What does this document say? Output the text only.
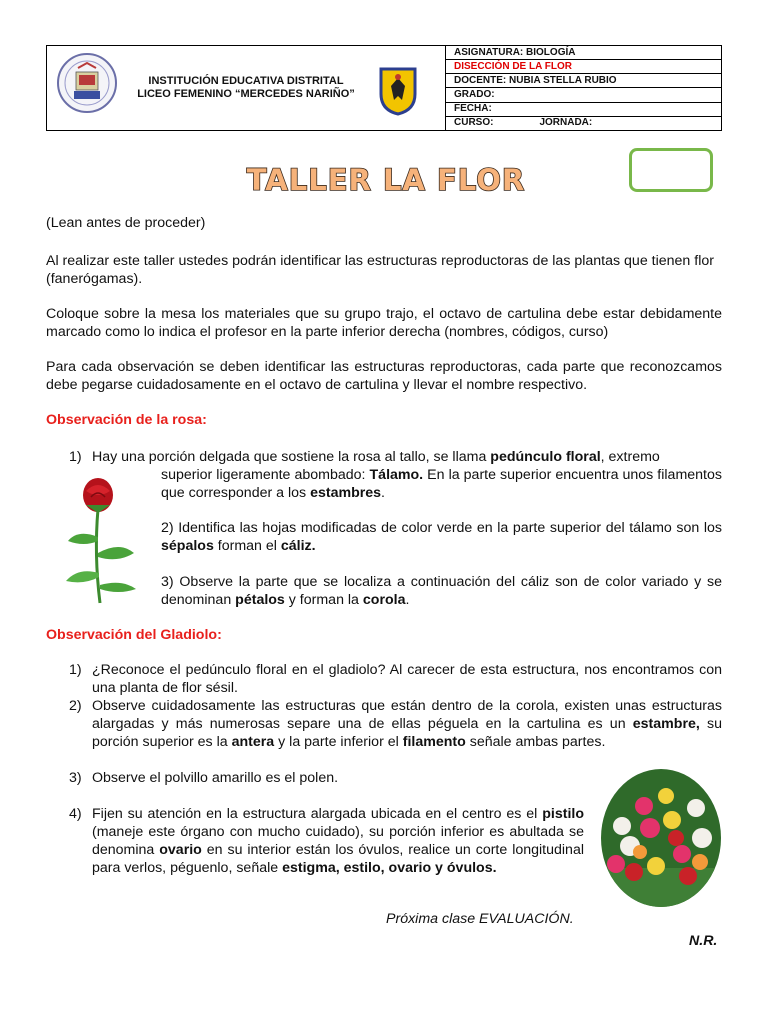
INSTITUCIÓN EDUCATIVA DISTRITAL
LICEO FEMENINO “MERCEDES NARIÑO”
ASIGNATURA: BIOLOGÍA
DISECCIÓN DE LA FLOR
DOCENTE: NUBIA STELLA RUBIO
GRADO:
FECHA:
CURSO:	JORNADA:
TALLER LA FLOR

(Lean antes de proceder)

Al realizar este taller ustedes podrán identificar las estructuras reproductoras de las plantas que tienen flor (fanerógamas).

Coloque sobre la mesa los materiales que su grupo trajo, el octavo de cartulina debe estar debidamente marcado como lo indica el profesor en la parte inferior derecha (nombres, códigos, curso)

Para cada observación se deben identificar las estructuras reproductoras, cada parte que reconozcamos debe pegarse cuidadosamente en el octavo de cartulina y llevar el nombre respectivo.

Observación de la rosa:

1) Hay una porción delgada que sostiene la rosa al tallo, se llama pedúnculo floral, extremo

superior ligeramente abombado: Tálamo. En la parte superior encuentra unos filamentos que corresponder a los estambres.

2) Identifica las hojas modificadas de color verde en la parte superior del tálamo son los sépalos forman el cáliz.

3) Observe la parte que se localiza a continuación del cáliz son de color variado y se denominan pétalos y forman la corola.

Observación del Gladiolo:

1) ¿Reconoce el pedúnculo floral en el gladiolo? Al carecer de esta estructura, nos encontramos con una planta de flor sésil.

2) Observe cuidadosamente las estructuras que están dentro de la corola, existen unas estructuras alargadas y más numerosas separe una de ellas péguela en la cartulina es un estambre, su porción superior es la antera y la parte inferior el filamento señale ambas partes.

3) Observe el polvillo amarillo es el polen.

4) Fijen su atención en la estructura alargada ubicada en el centro es el pistilo (maneje este órgano con mucho cuidado), su porción inferior es abultada se denomina ovario en su interior están los óvulos, realice un corte longitudinal para verlos, péguenlo, señale estigma, estilo, ovario y óvulos.

Próxima clase EVALUACIÓN.
N.R.
